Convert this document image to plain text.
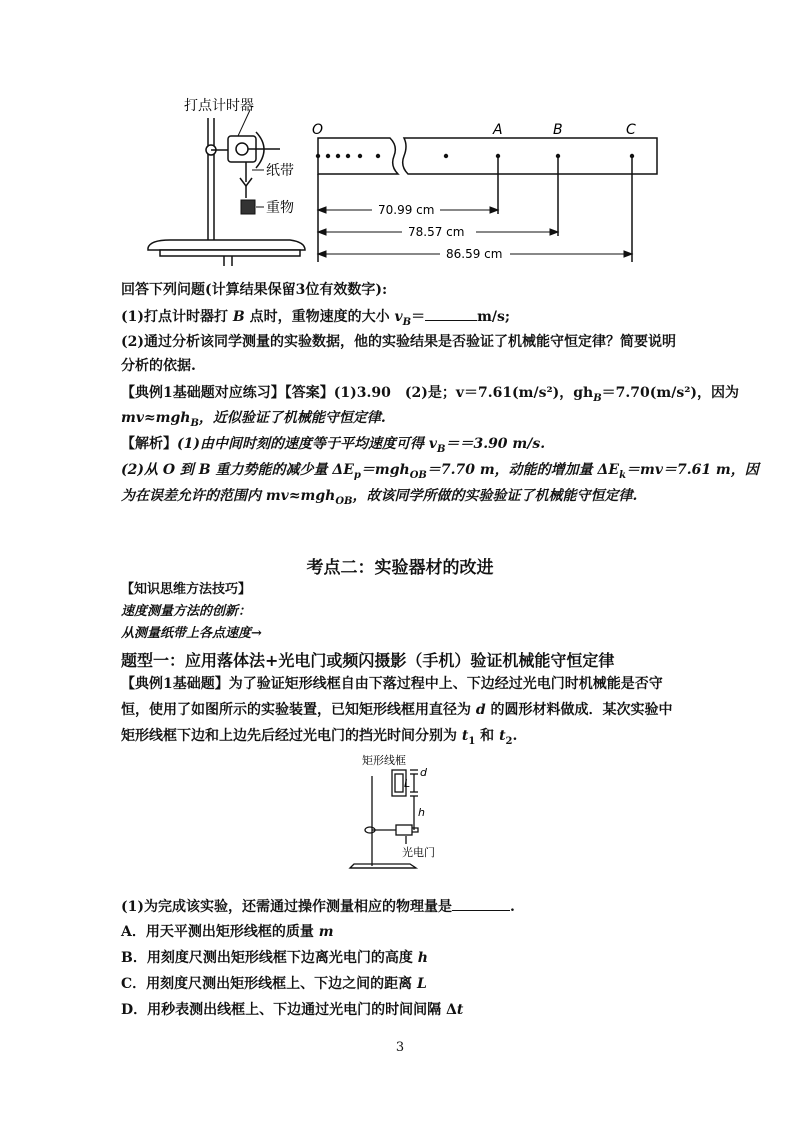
打点计时器
纸带
重物
O	A	B	C
70.99 cm
78.57 cm
86.59 cm
回答下列问题(计算结果保留3位有效数字):
(1)打点计时器打 B 点时，重物速度的大小 $v_B=$	m/s;
(2)通过分析该同学测量的实验数据，他的实验结果是否验证了机械能守恒定律？简要说明
分析的依据.
【典例1基础题对应练习】【答案】(1)3.90　(2)是；v＝7.61(m/s²)，$gh_B=7.70(m/s^2)$，因为
mv≈mgh$_B$，近似验证了机械能守恒定律.
【解析】(1)由中间时刻的速度等于平均速度可得 $v_B==3.90$ m/s.
(2)从 O 到 B 重力势能的减少量 $\Delta E_p=mgh_{OB}=7.70$ m，动能的增加量 $\Delta E_k=mv=7.61$ m，因
为在误差允许的范围内 mv≈mgh$_{OB}$，故该同学所做的实验验证了机械能守恒定律.
考点二：实验器材的改进
【知识思维方法技巧】
速度测量方法的创新：
从测量纸带上各点速度→
题型一：应用落体法+光电门或频闪摄影（手机）验证机械能守恒定律
【典例1基础题】为了验证矩形线框自由下落过程中上、下边经过光电门时机械能是否守
恒，使用了如图所示的实验装置，已知矩形线框用直径为 d 的圆形材料做成．某次实验中
矩形线框下边和上边先后经过光电门的挡光时间分别为 $t_1$ 和 $t_2$.
矩形线框
d
L
h
光电门
(1)为完成该实验，还需通过操作测量相应的物理量是	.
A．用天平测出矩形线框的质量 m
B．用刻度尺测出矩形线框下边离光电门的高度 h
C．用刻度尺测出矩形线框上、下边之间的距离 L
D．用秒表测出线框上、下边通过光电门的时间间隔 Δt
3
